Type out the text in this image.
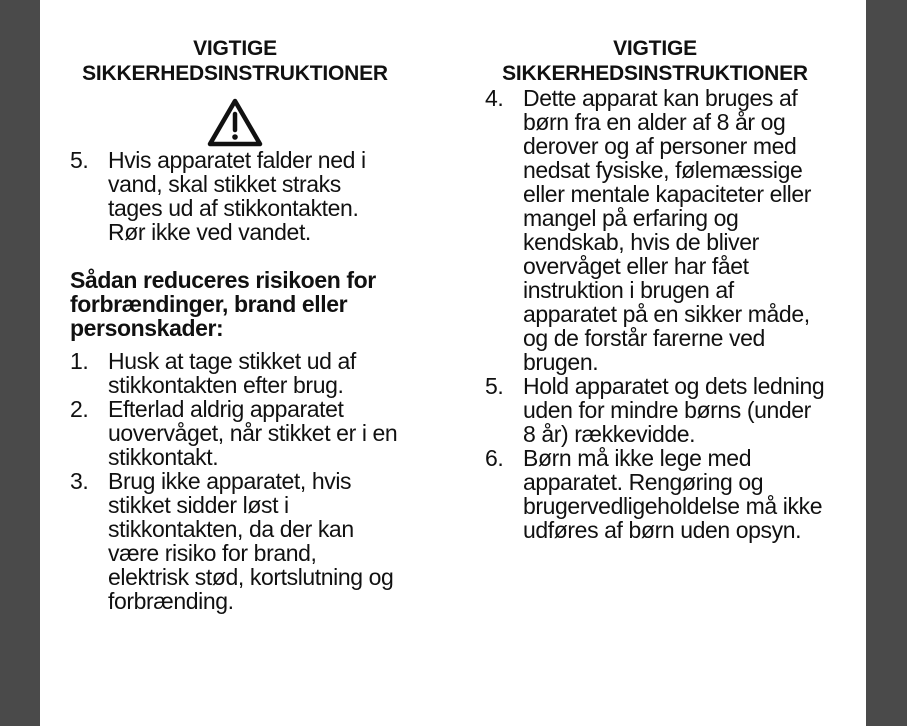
VIGTIGE
SIKKERHEDSINSTRUKTIONER
5. Hvis apparatet falder ned i vand, skal stikket straks tages ud af stikkontakten. Rør ikke ved vandet.

Sådan reduceres risikoen for forbrændinger, brand eller personskader:

1. Husk at tage stikket ud af stikkontakten efter brug.
2. Efterlad aldrig apparatet uovervåget, når stikket er i en stikkontakt.
3. Brug ikke apparatet, hvis stikket sidder løst i stikkontakten, da der kan være risiko for brand, elektrisk stød, kortslutning og forbrænding.
VIGTIGE
SIKKERHEDSINSTRUKTIONER
4. Dette apparat kan bruges af børn fra en alder af 8 år og derover og af personer med nedsat fysiske, følemæssige eller mentale kapaciteter eller mangel på erfaring og kendskab, hvis de bliver overvåget eller har fået instruktion i brugen af apparatet på en sikker måde, og de forstår farerne ved brugen.
5. Hold apparatet og dets ledning uden for mindre børns (under 8 år) rækkevidde.
6. Børn må ikke lege med apparatet. Rengøring og brugervedligeholdelse må ikke udføres af børn uden opsyn.
